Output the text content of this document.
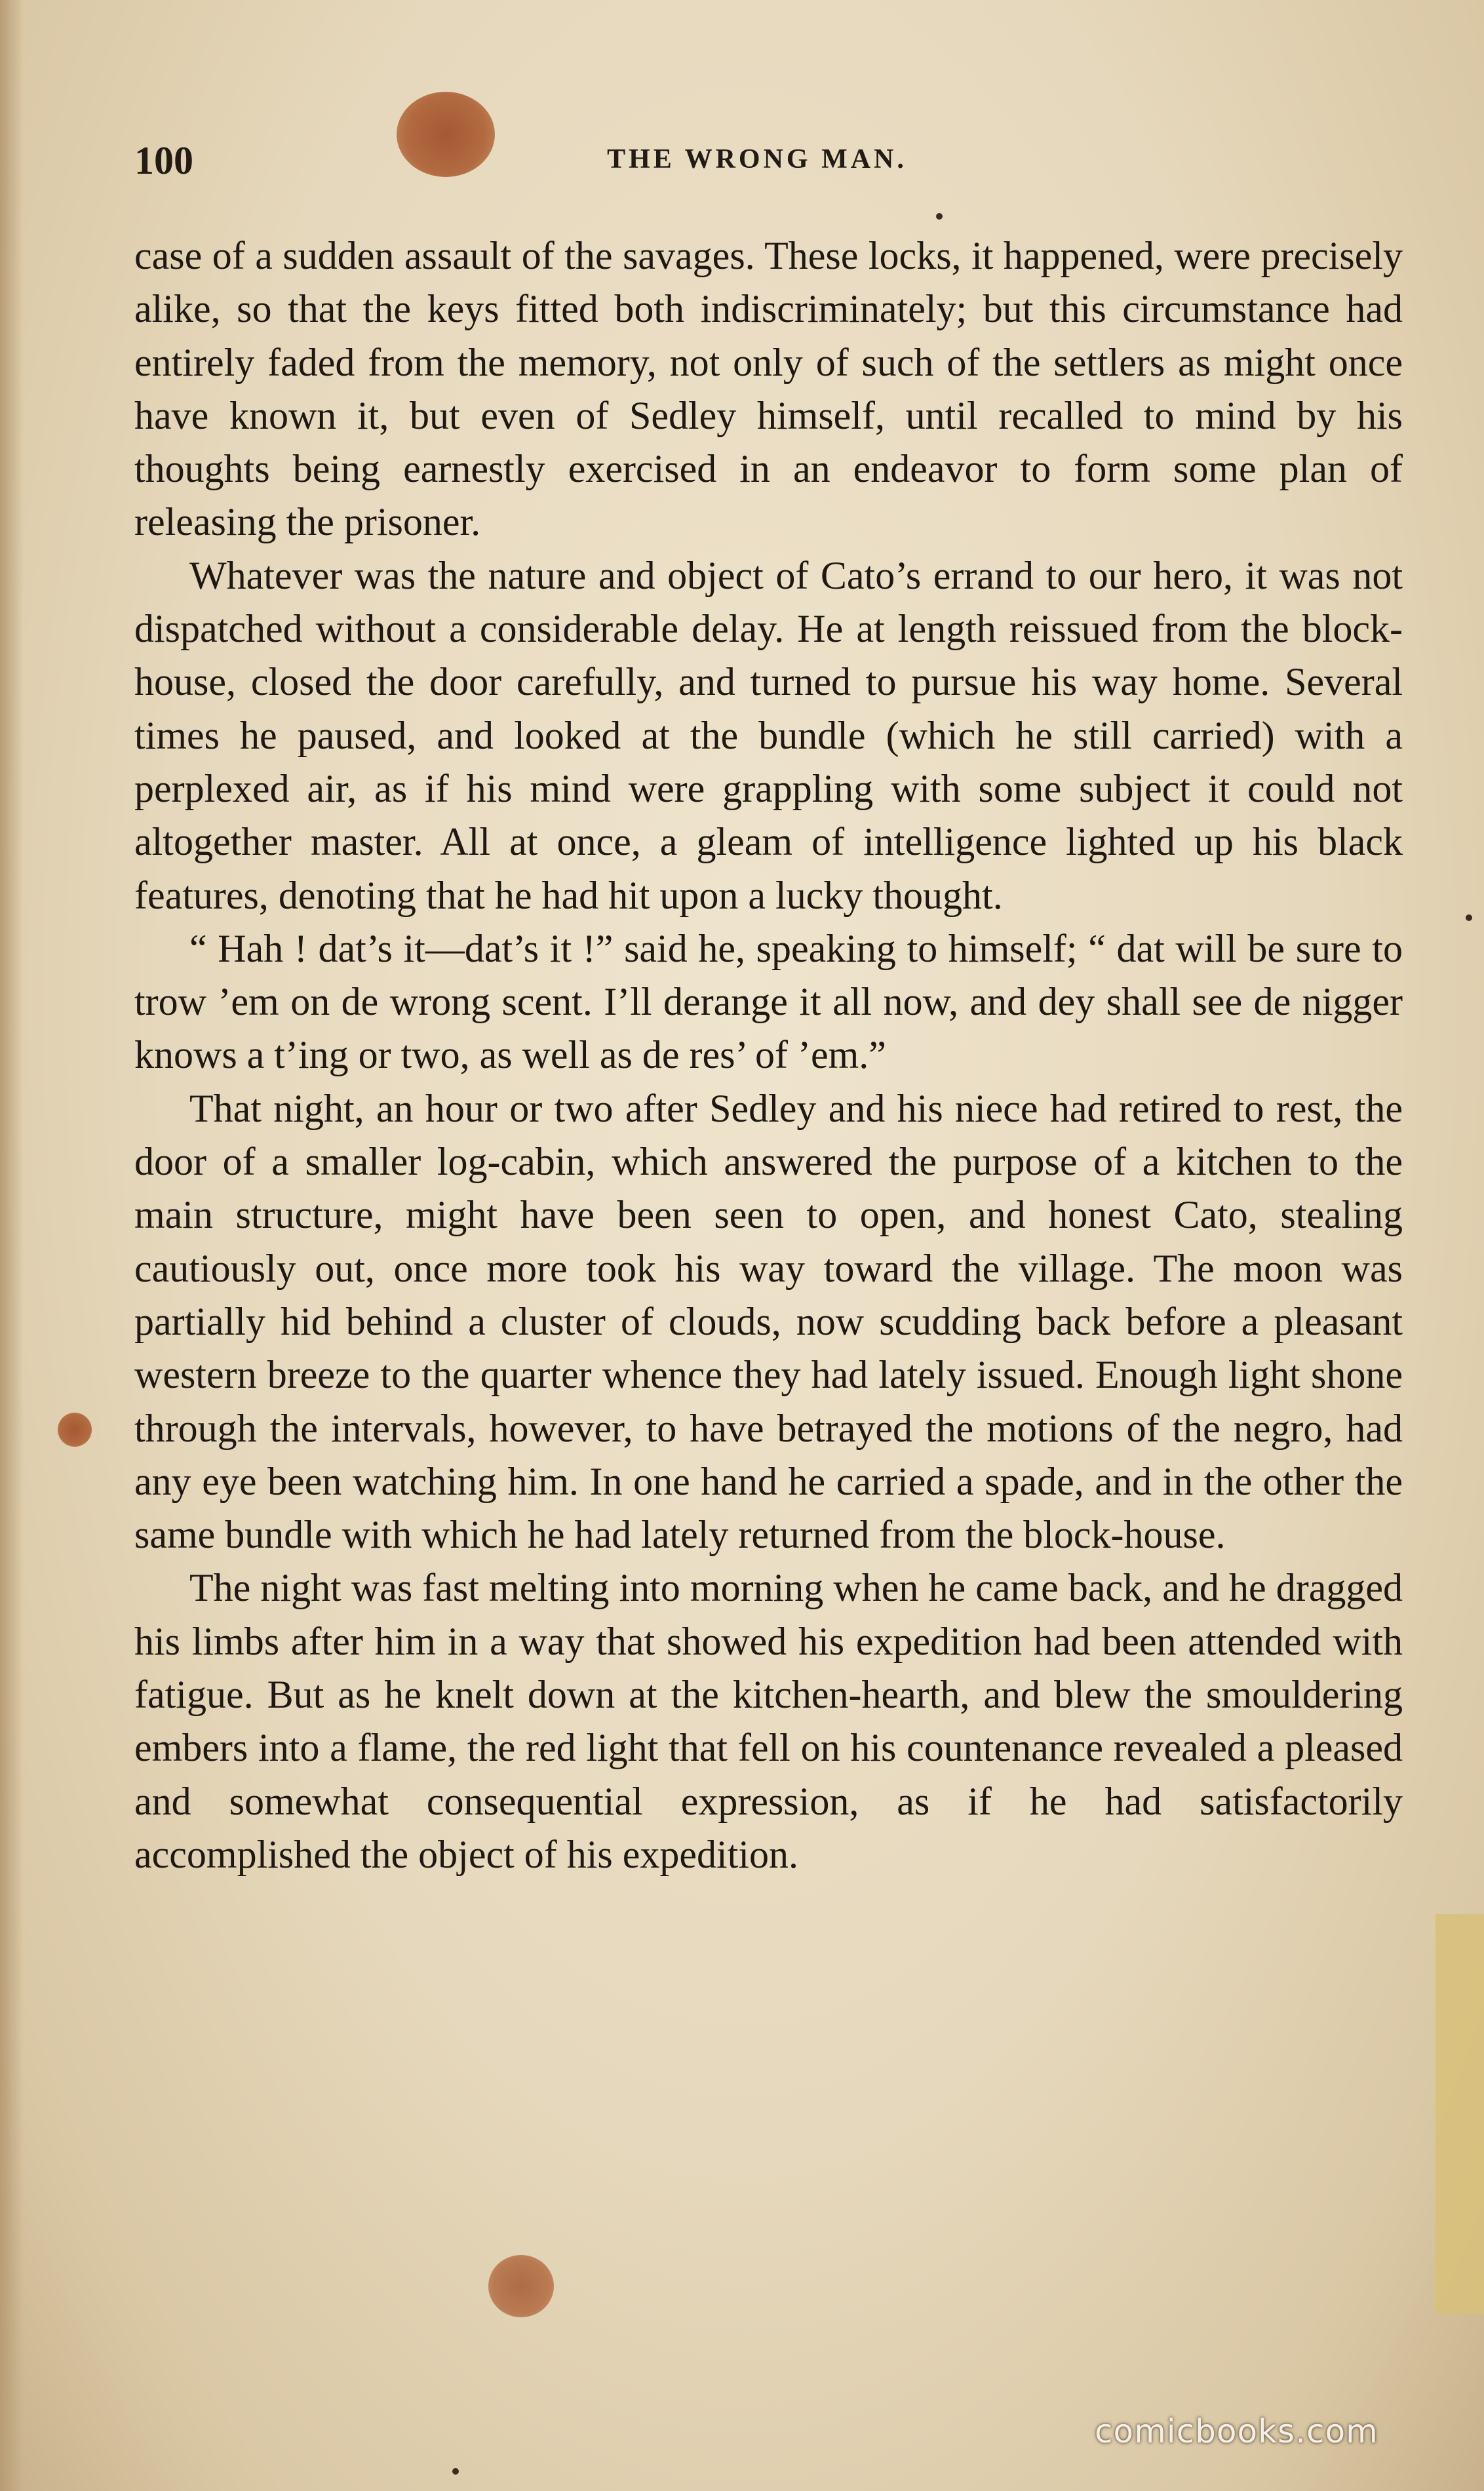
100	THE WRONG MAN.

case of a sudden assault of the savages. These locks, it happened, were precisely alike, so that the keys fitted both indiscriminately; but this circumstance had entirely faded from the memory, not only of such of the settlers as might once have known it, but even of Sedley himself, until recalled to mind by his thoughts being earnestly exercised in an endeavor to form some plan of releasing the prisoner.

Whatever was the nature and object of Cato’s errand to our hero, it was not dispatched without a considerable delay. He at length reissued from the block-house, closed the door carefully, and turned to pursue his way home. Several times he paused, and looked at the bundle (which he still carried) with a perplexed air, as if his mind were grappling with some subject it could not altogether master. All at once, a gleam of intelligence lighted up his black features, denoting that he had hit upon a lucky thought.

“ Hah ! dat’s it—dat’s it !” said he, speaking to himself; “ dat will be sure to trow ’em on de wrong scent. I’ll derange it all now, and dey shall see de nigger knows a t’ing or two, as well as de res’ of ’em.”

That night, an hour or two after Sedley and his niece had retired to rest, the door of a smaller log-cabin, which answered the purpose of a kitchen to the main structure, might have been seen to open, and honest Cato, stealing cautiously out, once more took his way toward the village. The moon was partially hid behind a cluster of clouds, now scudding back before a pleasant western breeze to the quarter whence they had lately issued. Enough light shone through the intervals, however, to have betrayed the motions of the negro, had any eye been watching him. In one hand he carried a spade, and in the other the same bundle with which he had lately returned from the block-house.

The night was fast melting into morning when he came back, and he dragged his limbs after him in a way that showed his expedition had been attended with fatigue. But as he knelt down at the kitchen-hearth, and blew the smouldering embers into a flame, the red light that fell on his countenance revealed a pleased and somewhat consequential expression, as if he had satisfactorily accomplished the object of his expedition.

comicbooks.com
